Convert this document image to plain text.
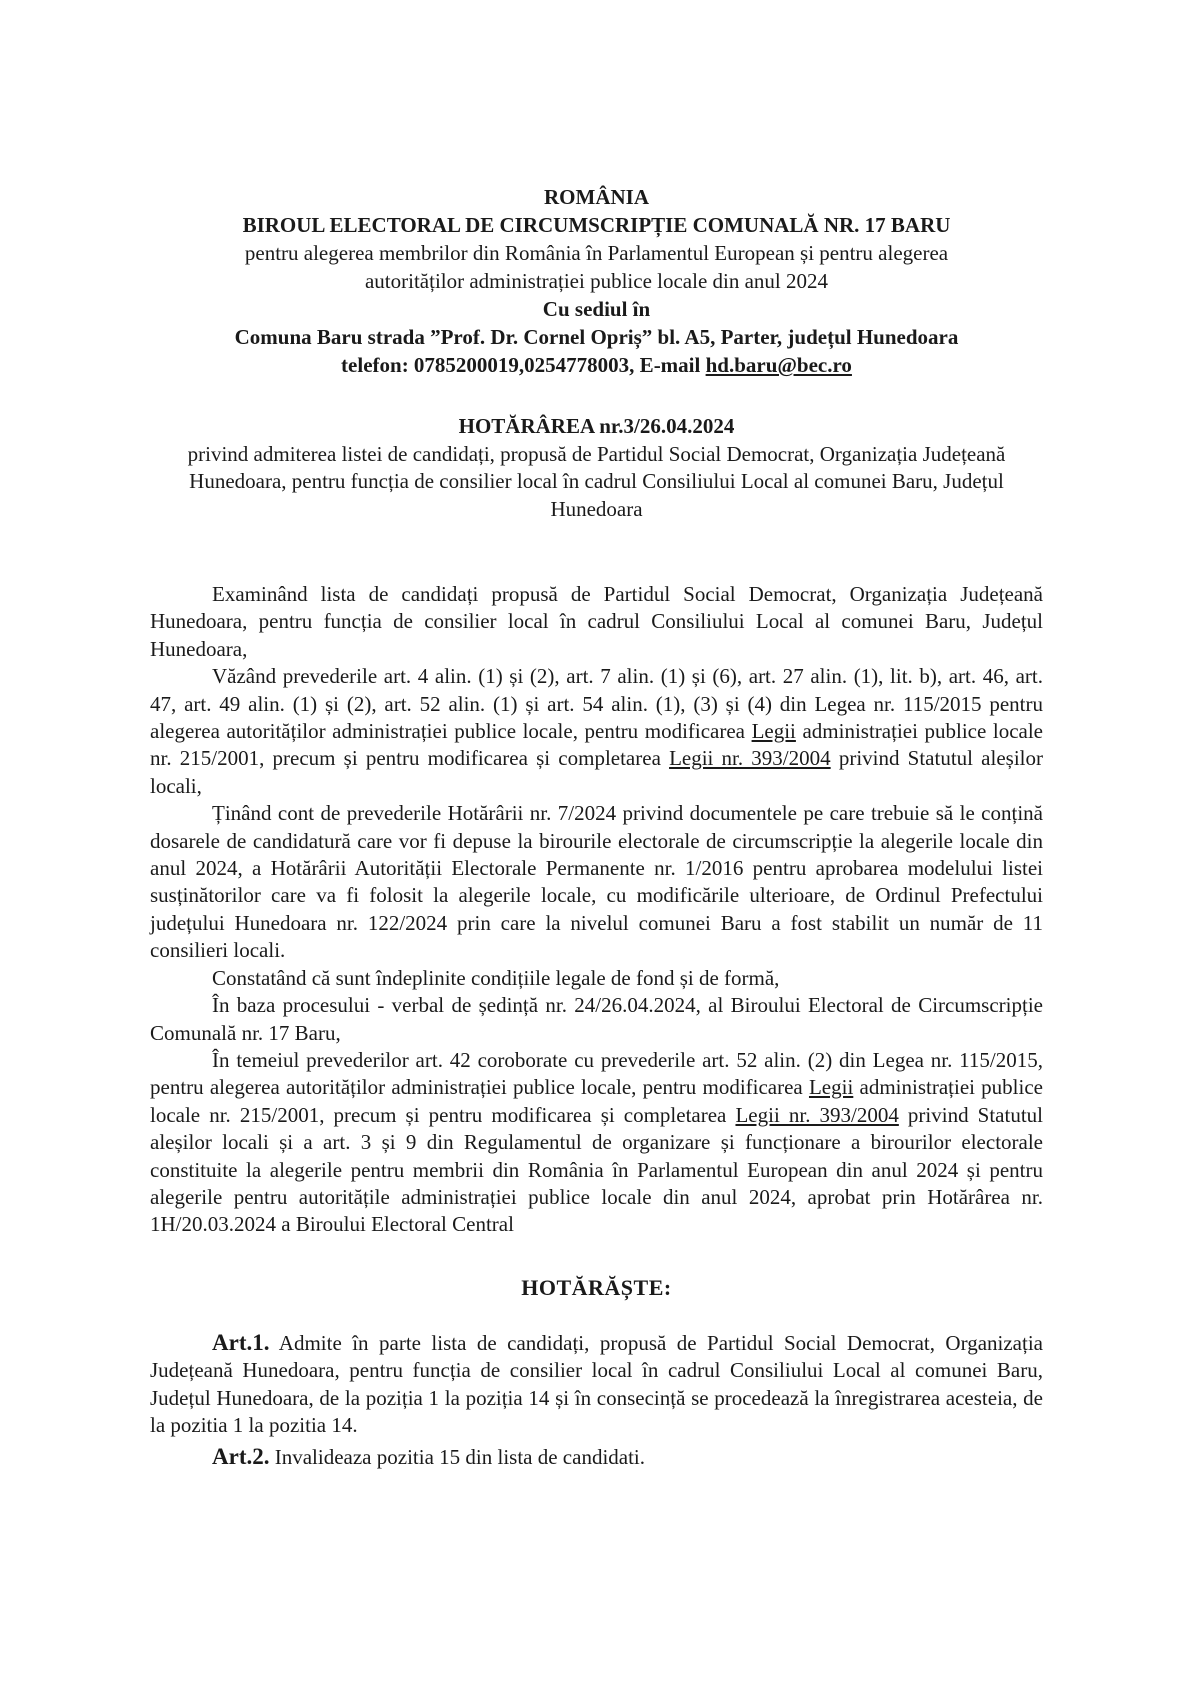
ROMÂNIA
BIROUL ELECTORAL DE CIRCUMSCRIPȚIE COMUNALĂ NR. 17 BARU
pentru alegerea membrilor din România în Parlamentul European și pentru alegerea
autorităților administrației publice locale din anul 2024
Cu sediul în
Comuna Baru strada ”Prof. Dr. Cornel Opriș” bl. A5, Parter, județul Hunedoara
telefon: 0785200019,0254778003, E-mail hd.baru@bec.ro
HOTĂRÂREA nr.3/26.04.2024
privind admiterea listei de candidați, propusă de Partidul Social Democrat, Organizația Județeană Hunedoara, pentru funcția de consilier local în cadrul Consiliului Local al comunei Baru, Județul Hunedoara

Examinând lista de candidați propusă de Partidul Social Democrat, Organizația Județeană Hunedoara, pentru funcția de consilier local în cadrul Consiliului Local al comunei Baru, Județul Hunedoara,

Văzând prevederile art. 4 alin. (1) și (2), art. 7 alin. (1) și (6), art. 27 alin. (1), lit. b), art. 46, art. 47, art. 49 alin. (1) și (2), art. 52 alin. (1) și art. 54 alin. (1), (3) și (4) din Legea nr. 115/2015 pentru alegerea autorităților administrației publice locale, pentru modificarea Legii administrației publice locale nr. 215/2001, precum și pentru modificarea și completarea Legii nr. 393/2004 privind Statutul aleșilor locali,

Ținând cont de prevederile Hotărârii nr. 7/2024 privind documentele pe care trebuie să le conțină dosarele de candidatură care vor fi depuse la birourile electorale de circumscripție la alegerile locale din anul 2024, a Hotărârii Autorității Electorale Permanente nr. 1/2016 pentru aprobarea modelului listei susținătorilor care va fi folosit la alegerile locale, cu modificările ulterioare, de Ordinul Prefectului județului Hunedoara nr. 122/2024 prin care la nivelul comunei Baru a fost stabilit un număr de 11 consilieri locali.

Constatând că sunt îndeplinite condițiile legale de fond și de formă,

În baza procesului - verbal de ședință nr. 24/26.04.2024, al Biroului Electoral de Circumscripție Comunală nr. 17 Baru,

În temeiul prevederilor art. 42 coroborate cu prevederile art. 52 alin. (2) din Legea nr. 115/2015, pentru alegerea autorităților administrației publice locale, pentru modificarea Legii administrației publice locale nr. 215/2001, precum și pentru modificarea și completarea Legii nr. 393/2004 privind Statutul aleșilor locali și a art. 3 și 9 din Regulamentul de organizare și funcționare a birourilor electorale constituite la alegerile pentru membrii din România în Parlamentul European din anul 2024 și pentru alegerile pentru autoritățile administrației publice locale din anul 2024, aprobat prin Hotărârea nr. 1H/20.03.2024 a Biroului Electoral Central

HOTĂRĂȘTE:

Art.1. Admite în parte lista de candidați, propusă de Partidul Social Democrat, Organizația Județeană Hunedoara, pentru funcția de consilier local în cadrul Consiliului Local al comunei Baru, Județul Hunedoara, de la poziția 1 la poziția 14 și în consecință se procedează la înregistrarea acesteia, de la pozitia 1 la pozitia 14.

Art.2. Invalideaza pozitia 15 din lista de candidati.
